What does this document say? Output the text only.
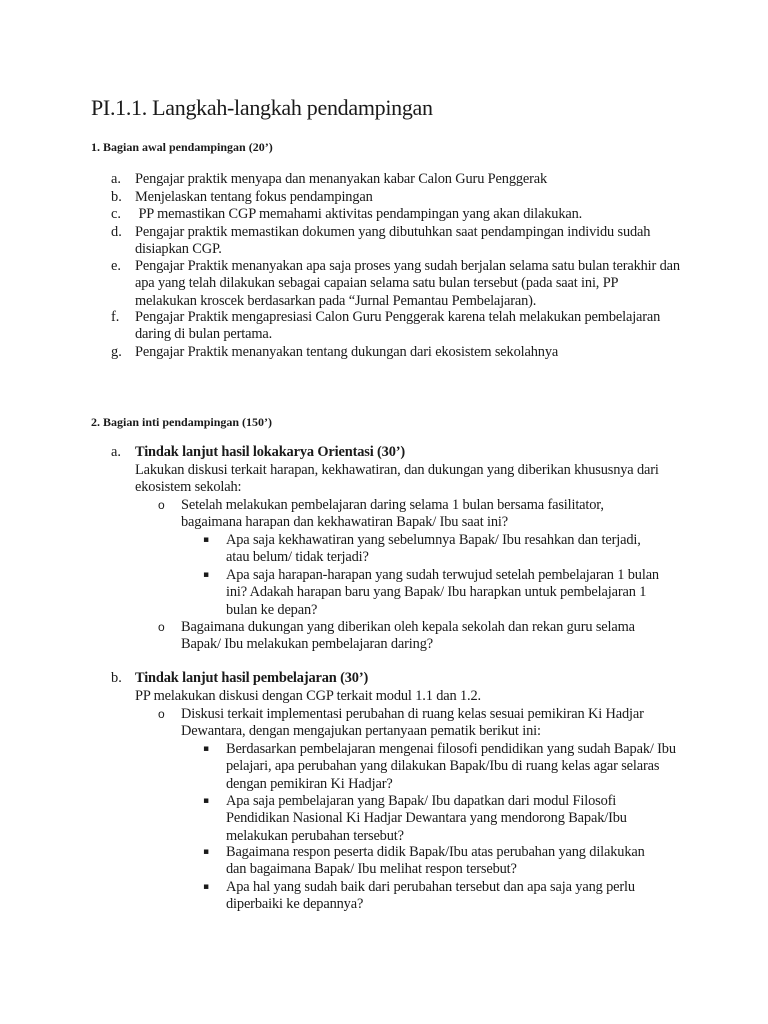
PI.1.1. Langkah-langkah pendampingan
1. Bagian awal pendampingan (20’)
a. Pengajar praktik menyapa dan menanyakan kabar Calon Guru Penggerak
b. Menjelaskan tentang fokus pendampingan
c. PP memastikan CGP memahami aktivitas pendampingan yang akan dilakukan.
d. Pengajar praktik memastikan dokumen yang dibutuhkan saat pendampingan individu sudah disiapkan CGP.
e. Pengajar Praktik menanyakan apa saja proses yang sudah berjalan selama satu bulan terakhir dan apa yang telah dilakukan sebagai capaian selama satu bulan tersebut (pada saat ini, PP melakukan kroscek berdasarkan pada “Jurnal Pemantau Pembelajaran).
f. Pengajar Praktik mengapresiasi Calon Guru Penggerak karena telah melakukan pembelajaran daring di bulan pertama.
g. Pengajar Praktik menanyakan tentang dukungan dari ekosistem sekolahnya
2. Bagian inti pendampingan (150’)
a. Tindak lanjut hasil lokakarya Orientasi (30’)
Lakukan diskusi terkait harapan, kekhawatiran, dan dukungan yang diberikan khususnya dari ekosistem sekolah:
o Setelah melakukan pembelajaran daring selama 1 bulan bersama fasilitator, bagaimana harapan dan kekhawatiran Bapak/ Ibu saat ini?
▪ Apa saja kekhawatiran yang sebelumnya Bapak/ Ibu resahkan dan terjadi, atau belum/ tidak terjadi?
▪ Apa saja harapan-harapan yang sudah terwujud setelah pembelajaran 1 bulan ini? Adakah harapan baru yang Bapak/ Ibu harapkan untuk pembelajaran 1 bulan ke depan?
o Bagaimana dukungan yang diberikan oleh kepala sekolah dan rekan guru selama Bapak/ Ibu melakukan pembelajaran daring?
b. Tindak lanjut hasil pembelajaran (30’)
PP melakukan diskusi dengan CGP terkait modul 1.1 dan 1.2.
o Diskusi terkait implementasi perubahan di ruang kelas sesuai pemikiran Ki Hadjar Dewantara, dengan mengajukan pertanyaan pematik berikut ini:
▪ Berdasarkan pembelajaran mengenai filosofi pendidikan yang sudah Bapak/ Ibu pelajari, apa perubahan yang dilakukan Bapak/Ibu di ruang kelas agar selaras dengan pemikiran Ki Hadjar?
▪ Apa saja pembelajaran yang Bapak/ Ibu dapatkan dari modul Filosofi Pendidikan Nasional Ki Hadjar Dewantara yang mendorong Bapak/Ibu melakukan perubahan tersebut?
▪ Bagaimana respon peserta didik Bapak/Ibu atas perubahan yang dilakukan dan bagaimana Bapak/ Ibu melihat respon tersebut?
▪ Apa hal yang sudah baik dari perubahan tersebut dan apa saja yang perlu diperbaiki ke depannya?
